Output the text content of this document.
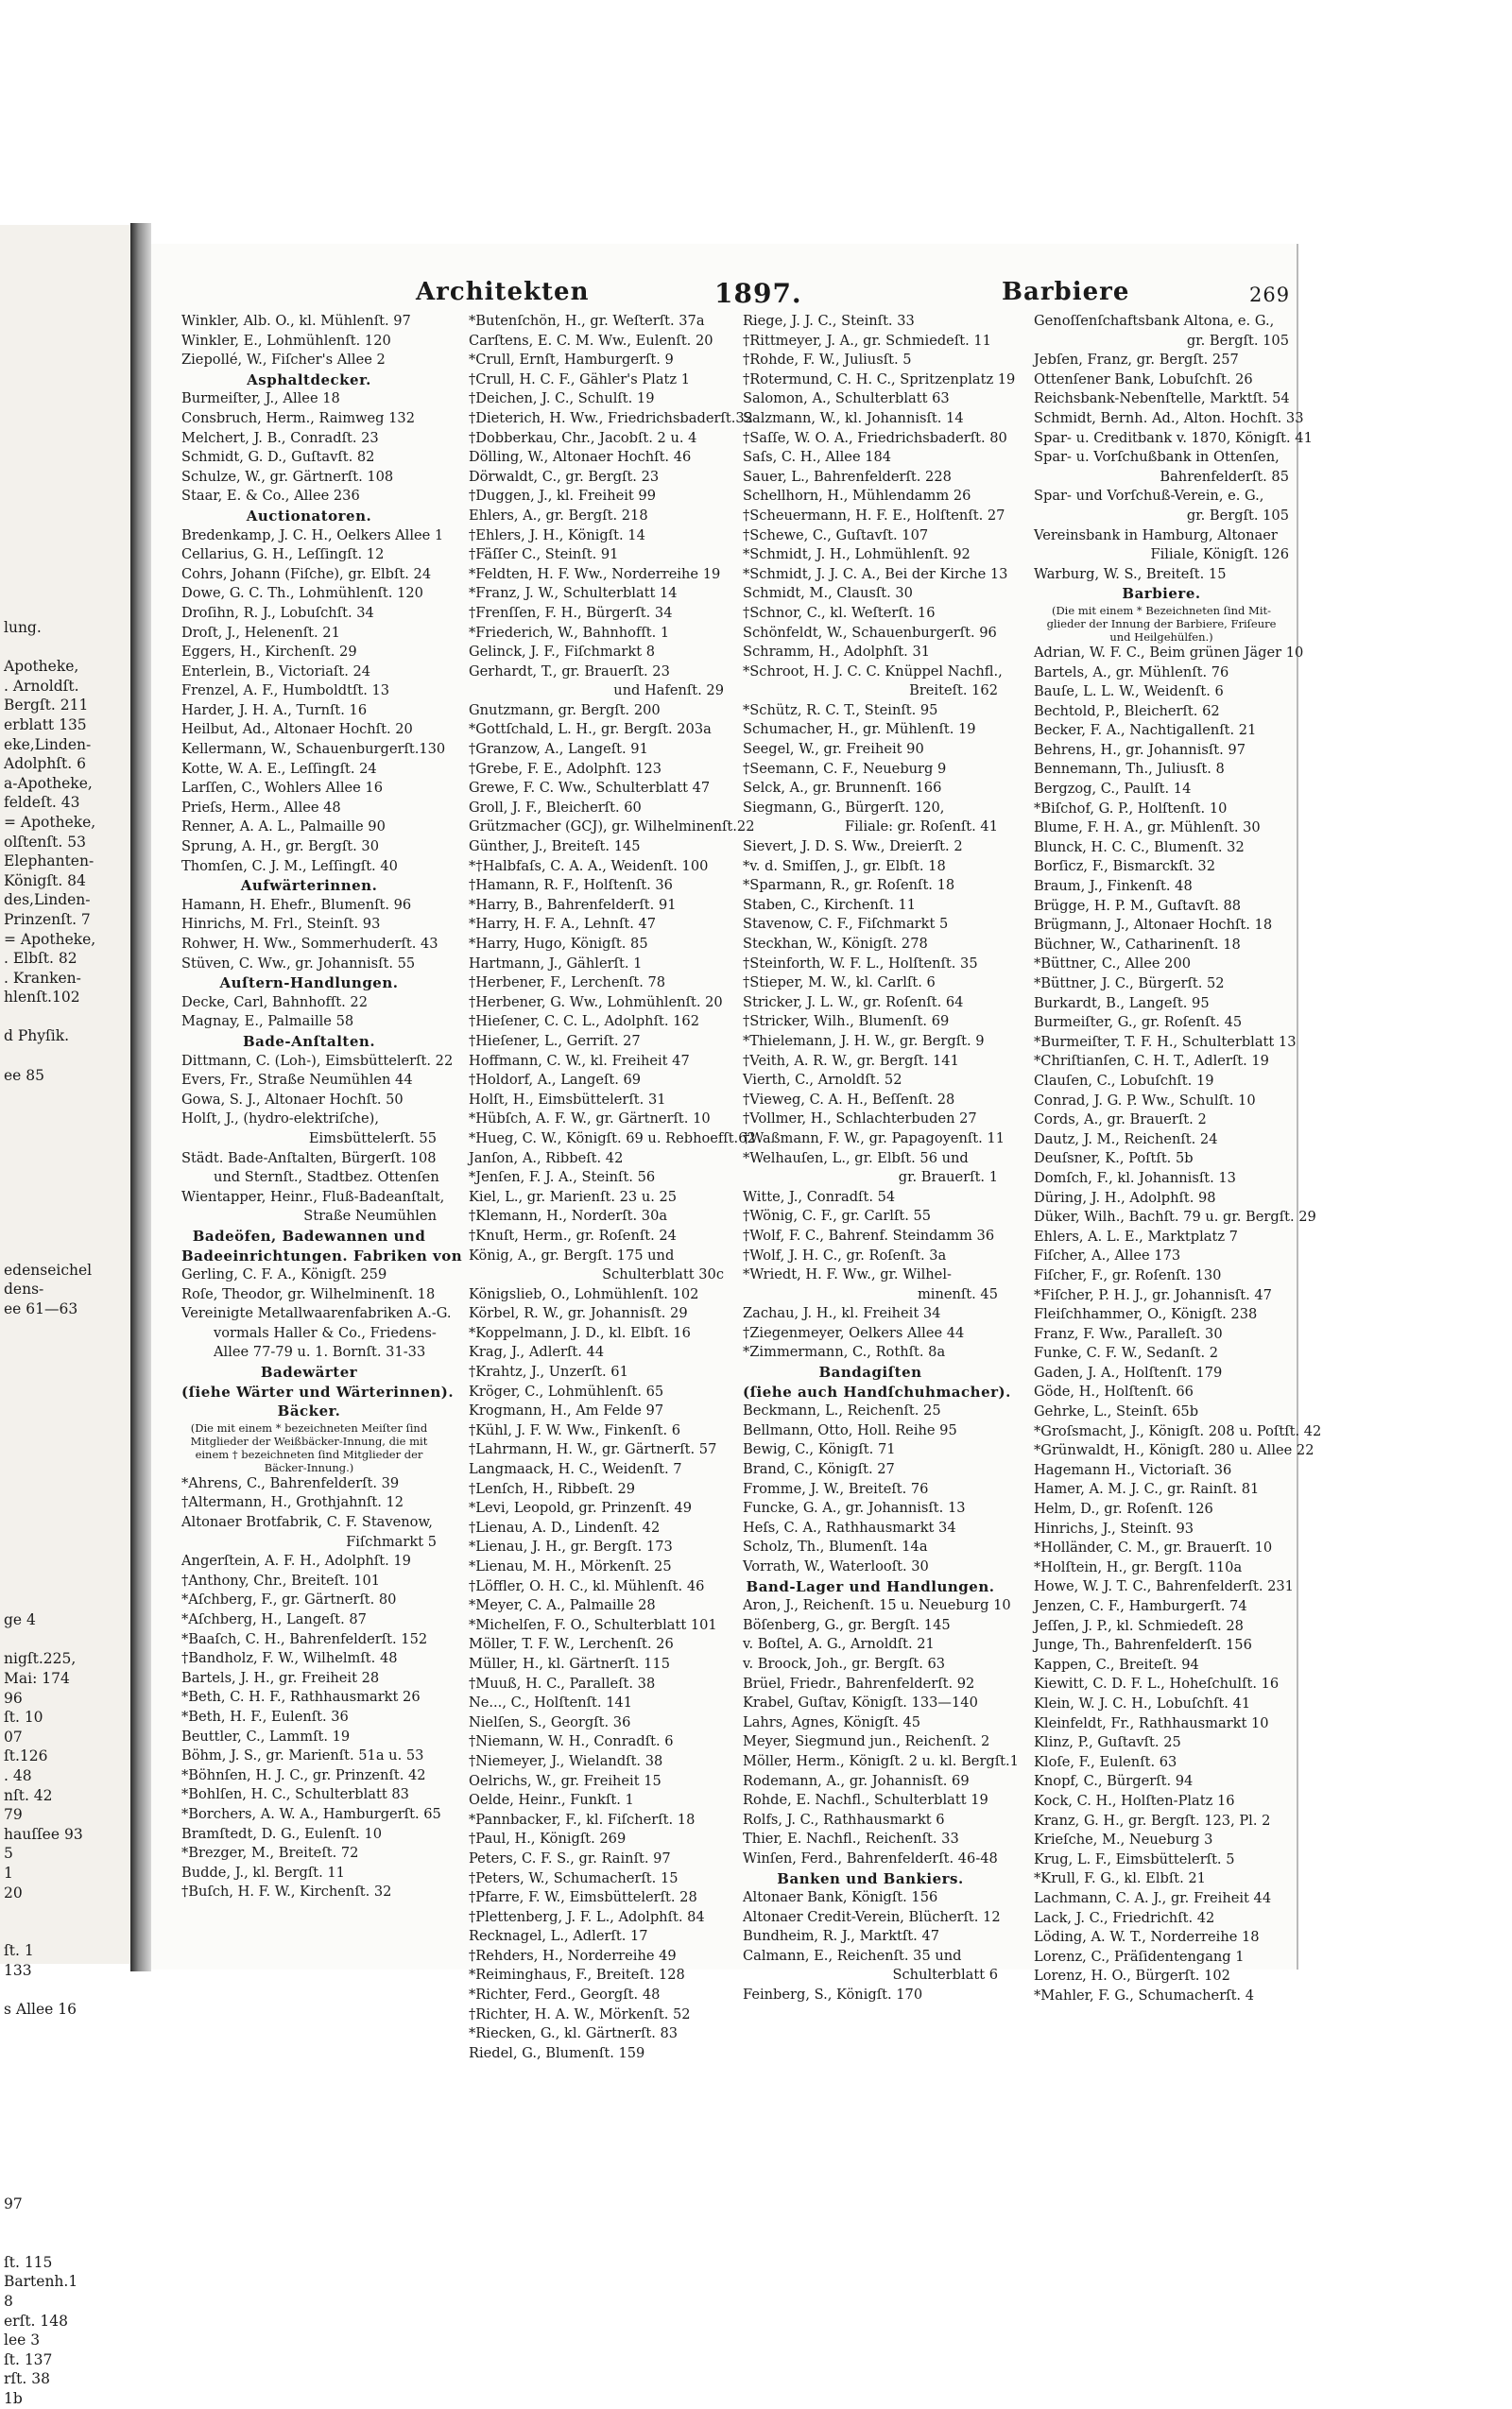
lung.
Apotheke,
. Arnoldſt.
Bergſt. 211
erblatt 135
eke,Linden-
Adolphſt. 6
a-Apotheke,
feldeſt. 43
= Apotheke,
olſtenſt. 53
Elephanten-
Königſt. 84
des,Linden-
Prinzenſt. 7
= Apotheke,
. Elbſt. 82
. Kranken-
hlenſt.102
d Phyſik.
ee 85
edenseichel
dens-
ee 61—63
ge 4
nigſt.225,
Mai: 174
96
ſt. 10
07
ſt.126
. 48
nſt. 42
79
hauſſee 93
5
1
20
ſt. 1
133
s Allee 16
97
ſt. 115
Bartenh.1
8
erſt. 148
lee 3
ſt. 137
rſt. 38
1b
Architekten	1897.	Barbiere	269
Winkler, Alb. O., kl. Mühlenſt. 97
Winkler, E., Lohmühlenſt. 120
Ziepollé, W., Fiſcher's Allee 2
Asphaltdecker.
Burmeiſter, J., Allee 18
Consbruch, Herm., Raimweg 132
Melchert, J. B., Conradſt. 23
Schmidt, G. D., Guſtavſt. 82
Schulze, W., gr. Gärtnerſt. 108
Staar, E. & Co., Allee 236
Auctionatoren.
Bredenkamp, J. C. H., Oelkers Allee 1
Cellarius, G. H., Leſſingſt. 12
Cohrs, Johann (Fiſche), gr. Elbſt. 24
Dowe, G. C. Th., Lohmühlenſt. 120
Droſihn, R. J., Lobuſchſt. 34
Droſt, J., Helenenſt. 21
Eggers, H., Kirchenſt. 29
Enterlein, B., Victoriaſt. 24
Frenzel, A. F., Humboldtſt. 13
Harder, J. H. A., Turnſt. 16
Heilbut, Ad., Altonaer Hochſt. 20
Kellermann, W., Schauenburgerſt.130
Kotte, W. A. E., Leſſingſt. 24
Larſſen, C., Wohlers Allee 16
Prieſs, Herm., Allee 48
Renner, A. A. L., Palmaille 90
Sprung, A. H., gr. Bergſt. 30
Thomſen, C. J. M., Leſſingſt. 40
Aufwärterinnen.
Hamann, H. Ehefr., Blumenſt. 96
Hinrichs, M. Frl., Steinſt. 93
Rohwer, H. Ww., Sommerhuderſt. 43
Stüven, C. Ww., gr. Johannisſt. 55
Auſtern-Handlungen.
Decke, Carl, Bahnhofſt. 22
Magnay, E., Palmaille 58
Bade-Anſtalten.
Dittmann, C. (Loh-), Eimsbüttelerſt. 22
Evers, Fr., Straße Neumühlen 44
Gowa, S. J., Altonaer Hochſt. 50
Holſt, J., (hydro-elektriſche),
Eimsbüttelerſt. 55
Städt. Bade-Anſtalten, Bürgerſt. 108
und Sternſt., Stadtbez. Ottenſen
Wientapper, Heinr., Fluß-Badeanſtalt,
Straße Neumühlen
Badeöfen, Badewannen und
Badeeinrichtungen. Fabriken von
Gerling, C. F. A., Königſt. 259
Roſe, Theodor, gr. Wilhelminenſt. 18
Vereinigte Metallwaarenfabriken A.-G.
vormals Haller & Co., Friedens-
Allee 77-79 u. 1. Bornſt. 31-33
Badewärter
(ſiehe Wärter und Wärterinnen).
Bäcker.
(Die mit einem * bezeichneten Meiſter ſind
Mitglieder der Weißbäcker-Innung, die mit
einem † bezeichneten ſind Mitglieder der
Bäcker-Innung.)
*Ahrens, C., Bahrenfelderſt. 39
†Altermann, H., Grothjahnſt. 12
Altonaer Brotfabrik, C. F. Stavenow,
Fiſchmarkt 5
Angerſtein, A. F. H., Adolphſt. 19
†Anthony, Chr., Breiteſt. 101
*Aſchberg, F., gr. Gärtnerſt. 80
*Aſchberg, H., Langeſt. 87
*Baaſch, C. H., Bahrenfelderſt. 152
†Bandholz, F. W., Wilhelmſt. 48
Bartels, J. H., gr. Freiheit 28
*Beth, C. H. F., Rathhausmarkt 26
*Beth, H. F., Eulenſt. 36
Beuttler, C., Lammſt. 19
Böhm, J. S., gr. Marienſt. 51a u. 53
*Böhnſen, H. J. C., gr. Prinzenſt. 42
*Bohlſen, H. C., Schulterblatt 83
*Borchers, A. W. A., Hamburgerſt. 65
Bramſtedt, D. G., Eulenſt. 10
*Brezger, M., Breiteſt. 72
Budde, J., kl. Bergſt. 11
†Buſch, H. F. W., Kirchenſt. 32
*Butenſchön, H., gr. Weſterſt. 37a
Carſtens, E. C. M. Ww., Eulenſt. 20
*Crull, Ernſt, Hamburgerſt. 9
†Crull, H. C. F., Gähler's Platz 1
†Deichen, J. C., Schulſt. 19
†Dieterich, H. Ww., Friedrichsbaderſt.32
†Dobberkau, Chr., Jacobſt. 2 u. 4
Dölling, W., Altonaer Hochſt. 46
Dörwaldt, C., gr. Bergſt. 23
†Duggen, J., kl. Freiheit 99
Ehlers, A., gr. Bergſt. 218
†Ehlers, J. H., Königſt. 14
†Fäſſer C., Steinſt. 91
*Feldten, H. F. Ww., Norderreihe 19
*Franz, J. W., Schulterblatt 14
†Frenſſen, F. H., Bürgerſt. 34
*Friederich, W., Bahnhofſt. 1
Gelinck, J. F., Fiſchmarkt 8
Gerhardt, T., gr. Brauerſt. 23
und Hafenſt. 29
Gnutzmann, gr. Bergſt. 200
*Gottſchald, L. H., gr. Bergſt. 203a
†Granzow, A., Langeſt. 91
†Grebe, F. E., Adolphſt. 123
Grewe, F. C. Ww., Schulterblatt 47
Groll, J. F., Bleicherſt. 60
Grützmacher (GCJ), gr. Wilhelminenſt.22
Günther, J., Breiteſt. 145
*†Halbfaſs, C. A. A., Weidenſt. 100
†Hamann, R. F., Holſtenſt. 36
*Harry, B., Bahrenfelderſt. 91
*Harry, H. F. A., Lehnſt. 47
*Harry, Hugo, Königſt. 85
Hartmann, J., Gählerſt. 1
†Herbener, F., Lerchenſt. 78
†Herbener, G. Ww., Lohmühlenſt. 20
†Hieſener, C. C. L., Adolphſt. 162
†Hieſener, L., Gerriſt. 27
Hoffmann, C. W., kl. Freiheit 47
†Holdorf, A., Langeſt. 69
Holſt, H., Eimsbüttelerſt. 31
*Hübſch, A. F. W., gr. Gärtnerſt. 10
*Hueg, C. W., Königſt. 69 u. Rebhoefſt.62
Janſon, A., Ribbeſt. 42
*Jenſen, F. J. A., Steinſt. 56
Kiel, L., gr. Marienſt. 23 u. 25
†Klemann, H., Norderſt. 30a
†Knuſt, Herm., gr. Roſenſt. 24
König, A., gr. Bergſt. 175 und
Schulterblatt 30c
Königslieb, O., Lohmühlenſt. 102
Körbel, R. W., gr. Johannisſt. 29
*Koppelmann, J. D., kl. Elbſt. 16
Krag, J., Adlerſt. 44
†Krahtz, J., Unzerſt. 61
Kröger, C., Lohmühlenſt. 65
Krogmann, H., Am Felde 97
†Kühl, J. F. W. Ww., Finkenſt. 6
†Lahrmann, H. W., gr. Gärtnerſt. 57
Langmaack, H. C., Weidenſt. 7
†Lenſch, H., Ribbeſt. 29
*Levi, Leopold, gr. Prinzenſt. 49
†Lienau, A. D., Lindenſt. 42
*Lienau, J. H., gr. Bergſt. 173
*Lienau, M. H., Mörkenſt. 25
†Löffler, O. H. C., kl. Mühlenſt. 46
*Meyer, C. A., Palmaille 28
*Michelſen, F. O., Schulterblatt 101
Möller, T. F. W., Lerchenſt. 26
Müller, H., kl. Gärtnerſt. 115
†Muuß, H. C., Paralleſt. 38
Ne..., C., Holſtenſt. 141
Nielſen, S., Georgſt. 36
†Niemann, W. H., Conradſt. 6
†Niemeyer, J., Wielandſt. 38
Oelrichs, W., gr. Freiheit 15
Oelde, Heinr., Funkſt. 1
*Pannbacker, F., kl. Fiſcherſt. 18
†Paul, H., Königſt. 269
Peters, C. F. S., gr. Rainſt. 97
†Peters, W., Schumacherſt. 15
†Pfarre, F. W., Eimsbüttelerſt. 28
†Plettenberg, J. F. L., Adolphſt. 84
Recknagel, L., Adlerſt. 17
†Rehders, H., Norderreihe 49
*Reiminghaus, F., Breiteſt. 128
*Richter, Ferd., Georgſt. 48
†Richter, H. A. W., Mörkenſt. 52
*Riecken, G., kl. Gärtnerſt. 83
Riedel, G., Blumenſt. 159
Riege, J. J. C., Steinſt. 33
†Rittmeyer, J. A., gr. Schmiedeſt. 11
†Rohde, F. W., Juliusſt. 5
†Rotermund, C. H. C., Spritzenplatz 19
Salomon, A., Schulterblatt 63
Salzmann, W., kl. Johannisſt. 14
†Saſſe, W. O. A., Friedrichsbaderſt. 80
Saſs, C. H., Allee 184
Sauer, L., Bahrenfelderſt. 228
Schellhorn, H., Mühlendamm 26
†Scheuermann, H. F. E., Holſtenſt. 27
†Schewe, C., Guſtavſt. 107
*Schmidt, J. H., Lohmühlenſt. 92
*Schmidt, J. J. C. A., Bei der Kirche 13
Schmidt, M., Clausſt. 30
†Schnor, C., kl. Weſterſt. 16
Schönfeldt, W., Schauenburgerſt. 96
Schramm, H., Adolphſt. 31
*Schroot, H. J. C. C. Knüppel Nachfl.,
Breiteſt. 162
*Schütz, R. C. T., Steinſt. 95
Schumacher, H., gr. Mühlenſt. 19
Seegel, W., gr. Freiheit 90
†Seemann, C. F., Neueburg 9
Selck, A., gr. Brunnenſt. 166
Siegmann, G., Bürgerſt. 120,
Filiale: gr. Roſenſt. 41
Sievert, J. D. S. Ww., Dreierſt. 2
*v. d. Smiſſen, J., gr. Elbſt. 18
*Sparmann, R., gr. Roſenſt. 18
Staben, C., Kirchenſt. 11
Stavenow, C. F., Fiſchmarkt 5
Steckhan, W., Königſt. 278
†Steinforth, W. F. L., Holſtenſt. 35
†Stieper, M. W., kl. Carlſt. 6
Stricker, J. L. W., gr. Roſenſt. 64
†Stricker, Wilh., Blumenſt. 69
*Thielemann, J. H. W., gr. Bergſt. 9
†Veith, A. R. W., gr. Bergſt. 141
Vierth, C., Arnoldſt. 52
†Vieweg, C. A. H., Beſſenſt. 28
†Vollmer, H., Schlachterbuden 27
†Waßmann, F. W., gr. Papagoyenſt. 11
*Welhauſen, L., gr. Elbſt. 56 und
gr. Brauerſt. 1
Witte, J., Conradſt. 54
†Wönig, C. F., gr. Carlſt. 55
†Wolf, F. C., Bahrenf. Steindamm 36
†Wolf, J. H. C., gr. Roſenſt. 3a
*Wriedt, H. F. Ww., gr. Wilhel-
minenſt. 45
Zachau, J. H., kl. Freiheit 34
†Ziegenmeyer, Oelkers Allee 44
*Zimmermann, C., Rothſt. 8a
Bandagiſten
(ſiehe auch Handſchuhmacher).
Beckmann, L., Reichenſt. 25
Bellmann, Otto, Holl. Reihe 95
Bewig, C., Königſt. 71
Brand, C., Königſt. 27
Fromme, J. W., Breiteſt. 76
Funcke, G. A., gr. Johannisſt. 13
Heſs, C. A., Rathhausmarkt 34
Scholz, Th., Blumenſt. 14a
Vorrath, W., Waterlooſt. 30
Band-Lager und Handlungen.
Aron, J., Reichenſt. 15 u. Neueburg 10
Böſenberg, G., gr. Bergſt. 145
v. Boſtel, A. G., Arnoldſt. 21
v. Broock, Joh., gr. Bergſt. 63
Brüel, Friedr., Bahrenfelderſt. 92
Krabel, Guſtav, Königſt. 133—140
Lahrs, Agnes, Königſt. 45
Meyer, Siegmund jun., Reichenſt. 2
Möller, Herm., Königſt. 2 u. kl. Bergſt.1
Rodemann, A., gr. Johannisſt. 69
Rohde, E. Nachfl., Schulterblatt 19
Rolfs, J. C., Rathhausmarkt 6
Thier, E. Nachfl., Reichenſt. 33
Winſen, Ferd., Bahrenfelderſt. 46-48
Banken und Bankiers.
Altonaer Bank, Königſt. 156
Altonaer Credit-Verein, Blücherſt. 12
Bundheim, R. J., Marktſt. 47
Calmann, E., Reichenſt. 35 und
Schulterblatt 6
Feinberg, S., Königſt. 170
Genoſſenſchaftsbank Altona, e. G.,
gr. Bergſt. 105
Jebſen, Franz, gr. Bergſt. 257
Ottenſener Bank, Lobuſchſt. 26
Reichsbank-Nebenſtelle, Marktſt. 54
Schmidt, Bernh. Ad., Alton. Hochſt. 33
Spar- u. Creditbank v. 1870, Königſt. 41
Spar- u. Vorſchußbank in Ottenſen,
Bahrenfelderſt. 85
Spar- und Vorſchuß-Verein, e. G.,
gr. Bergſt. 105
Vereinsbank in Hamburg, Altonaer
Filiale, Königſt. 126
Warburg, W. S., Breiteſt. 15
Barbiere.
(Die mit einem * Bezeichneten ſind Mit-
glieder der Innung der Barbiere, Friſeure
und Heilgehülfen.)
Adrian, W. F. C., Beim grünen Jäger 10
Bartels, A., gr. Mühlenſt. 76
Bauſe, L. L. W., Weidenſt. 6
Bechtold, P., Bleicherſt. 62
Becker, F. A., Nachtigallenſt. 21
Behrens, H., gr. Johannisſt. 97
Bennemann, Th., Juliusſt. 8
Bergzog, C., Paulſt. 14
*Biſchof, G. P., Holſtenſt. 10
Blume, F. H. A., gr. Mühlenſt. 30
Blunck, H. C. C., Blumenſt. 32
Borſicz, F., Bismarckſt. 32
Braum, J., Finkenſt. 48
Brügge, H. P. M., Guſtavſt. 88
Brügmann, J., Altonaer Hochſt. 18
Büchner, W., Catharinenſt. 18
*Büttner, C., Allee 200
*Büttner, J. C., Bürgerſt. 52
Burkardt, B., Langeſt. 95
Burmeiſter, G., gr. Roſenſt. 45
*Burmeiſter, T. F. H., Schulterblatt 13
*Chriſtianſen, C. H. T., Adlerſt. 19
Clauſen, C., Lobuſchſt. 19
Conrad, J. G. P. Ww., Schulſt. 10
Cords, A., gr. Brauerſt. 2
Dautz, J. M., Reichenſt. 24
Deuſsner, K., Poſtſt. 5b
Domſch, F., kl. Johannisſt. 13
Düring, J. H., Adolphſt. 98
Düker, Wilh., Bachſt. 79 u. gr. Bergſt. 29
Ehlers, A. L. E., Marktplatz 7
Fiſcher, A., Allee 173
Fiſcher, F., gr. Roſenſt. 130
*Fiſcher, P. H. J., gr. Johannisſt. 47
Fleiſchhammer, O., Königſt. 238
Franz, F. Ww., Paralleſt. 30
Funke, C. F. W., Sedanſt. 2
Gaden, J. A., Holſtenſt. 179
Göde, H., Holſtenſt. 66
Gehrke, L., Steinſt. 65b
*Groſsmacht, J., Königſt. 208 u. Poſtſt. 42
*Grünwaldt, H., Königſt. 280 u. Allee 22
Hagemann H., Victoriaſt. 36
Hamer, A. M. J. C., gr. Rainſt. 81
Helm, D., gr. Roſenſt. 126
Hinrichs, J., Steinſt. 93
*Holländer, C. M., gr. Brauerſt. 10
*Holſtein, H., gr. Bergſt. 110a
Howe, W. J. T. C., Bahrenfelderſt. 231
Jenzen, C. F., Hamburgerſt. 74
Jeſſen, J. P., kl. Schmiedeſt. 28
Junge, Th., Bahrenfelderſt. 156
Kappen, C., Breiteſt. 94
Kiewitt, C. D. F. L., Hoheſchulſt. 16
Klein, W. J. C. H., Lobuſchſt. 41
Kleinfeldt, Fr., Rathhausmarkt 10
Klinz, P., Guſtavſt. 25
Kloſe, F., Eulenſt. 63
Knopf, C., Bürgerſt. 94
Kock, C. H., Holſten-Platz 16
Kranz, G. H., gr. Bergſt. 123, Pl. 2
Krieſche, M., Neueburg 3
Krug, L. F., Eimsbüttelerſt. 5
*Krull, F. G., kl. Elbſt. 21
Lachmann, C. A. J., gr. Freiheit 44
Lack, J. C., Friedrichſt. 42
Löding, A. W. T., Norderreihe 18
Lorenz, C., Präſidentengang 1
Lorenz, H. O., Bürgerſt. 102
*Mahler, F. G., Schumacherſt. 4
